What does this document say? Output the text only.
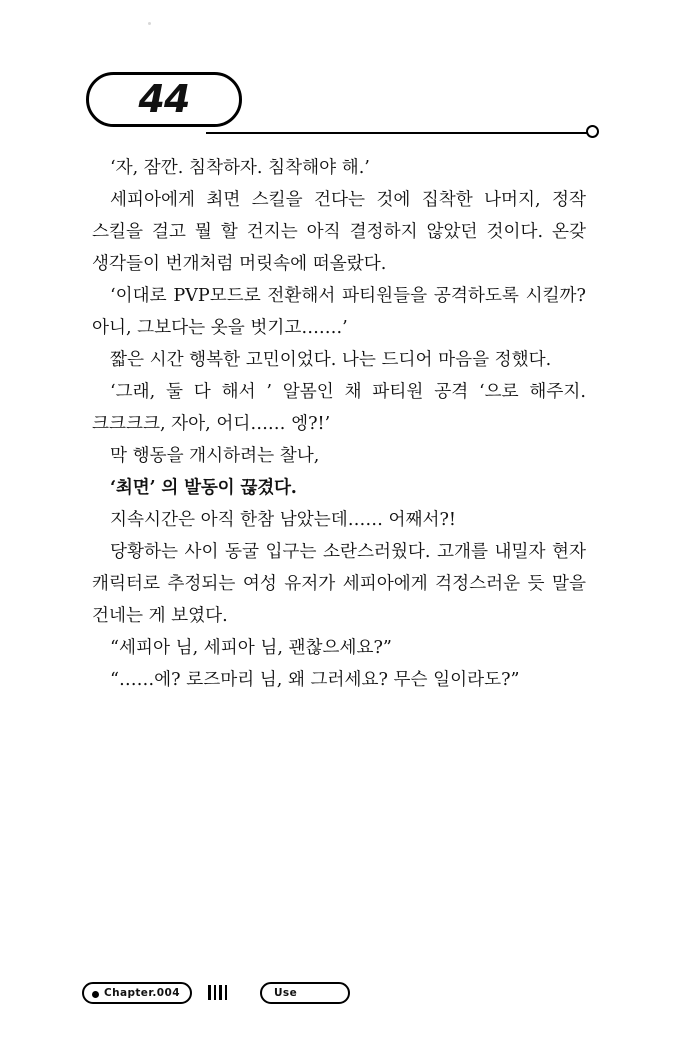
44

‘자, 잠깐. 침착하자. 침착해야 해.’

세피아에게 최면 스킬을 건다는 것에 집착한 나머지, 정작 스킬을 걸고 뭘 할 건지는 아직 결정하지 않았던 것이다. 온갖 생각들이 번개처럼 머릿속에 떠올랐다.

‘이대로 PVP모드로 전환해서 파티원들을 공격하도록 시킬까? 아니, 그보다는 옷을 벗기고…….’

짧은 시간 행복한 고민이었다. 나는 드디어 마음을 정했다.

‘그래, 둘 다 해서 ’ 알몸인 채 파티원 공격 ‘으로 해주지. 크크크크, 자아, 어디…… 엥?!’

막 행동을 개시하려는 찰나,

‘최면’ 의 발동이 끊겼다.

지속시간은 아직 한참 남았는데…… 어째서?!

당황하는 사이 동굴 입구는 소란스러웠다. 고개를 내밀자 현자 캐릭터로 추정되는 여성 유저가 세피아에게 걱정스러운 듯 말을 건네는 게 보였다.

“세피아 님, 세피아 님, 괜찮으세요?”

“……에? 로즈마리 님, 왜 그러세요? 무슨 일이라도?”

Chapter.004	Use
